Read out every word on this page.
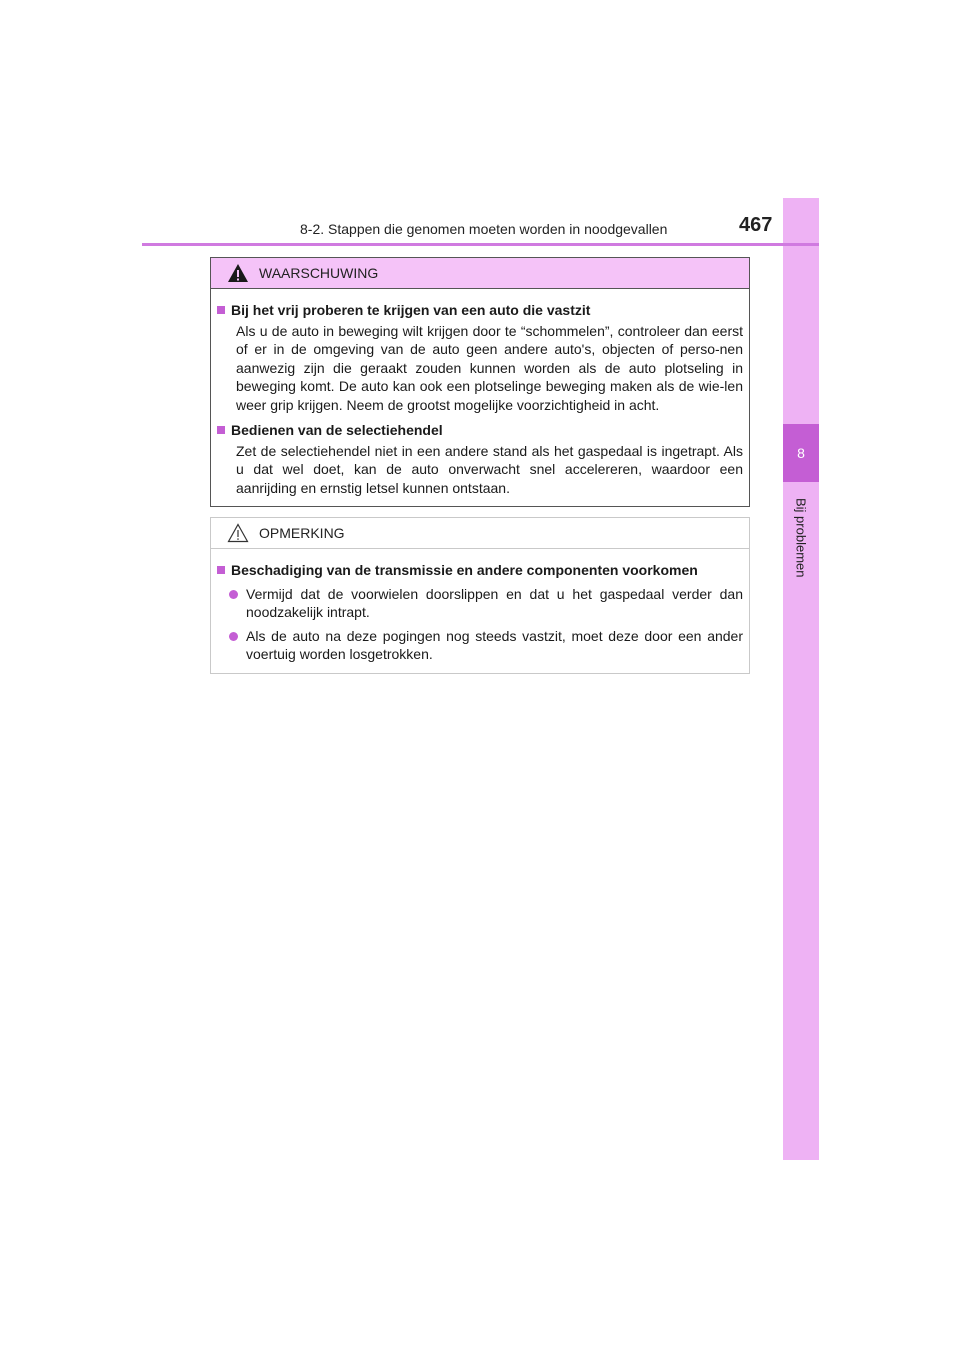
8
Bij problemen
8-2. Stappen die genomen moeten worden in noodgevallen	467
WAARSCHUWING
Bij het vrij proberen te krijgen van een auto die vastzit
Als u de auto in beweging wilt krijgen door te “schommelen”, controleer dan eerst of er in de omgeving van de auto geen andere auto's, objecten of perso-nen aanwezig zijn die geraakt zouden kunnen worden als de auto plotseling in beweging komt. De auto kan ook een plotselinge beweging maken als de wie-len weer grip krijgen. Neem de grootst mogelijke voorzichtigheid in acht.
Bedienen van de selectiehendel
Zet de selectiehendel niet in een andere stand als het gaspedaal is ingetrapt. Als u dat wel doet, kan de auto onverwacht snel accelereren, waardoor een aanrijding en ernstig letsel kunnen ontstaan.
OPMERKING
Beschadiging van de transmissie en andere componenten voorkomen
Vermijd dat de voorwielen doorslippen en dat u het gaspedaal verder dan noodzakelijk intrapt.
Als de auto na deze pogingen nog steeds vastzit, moet deze door een ander voertuig worden losgetrokken.
